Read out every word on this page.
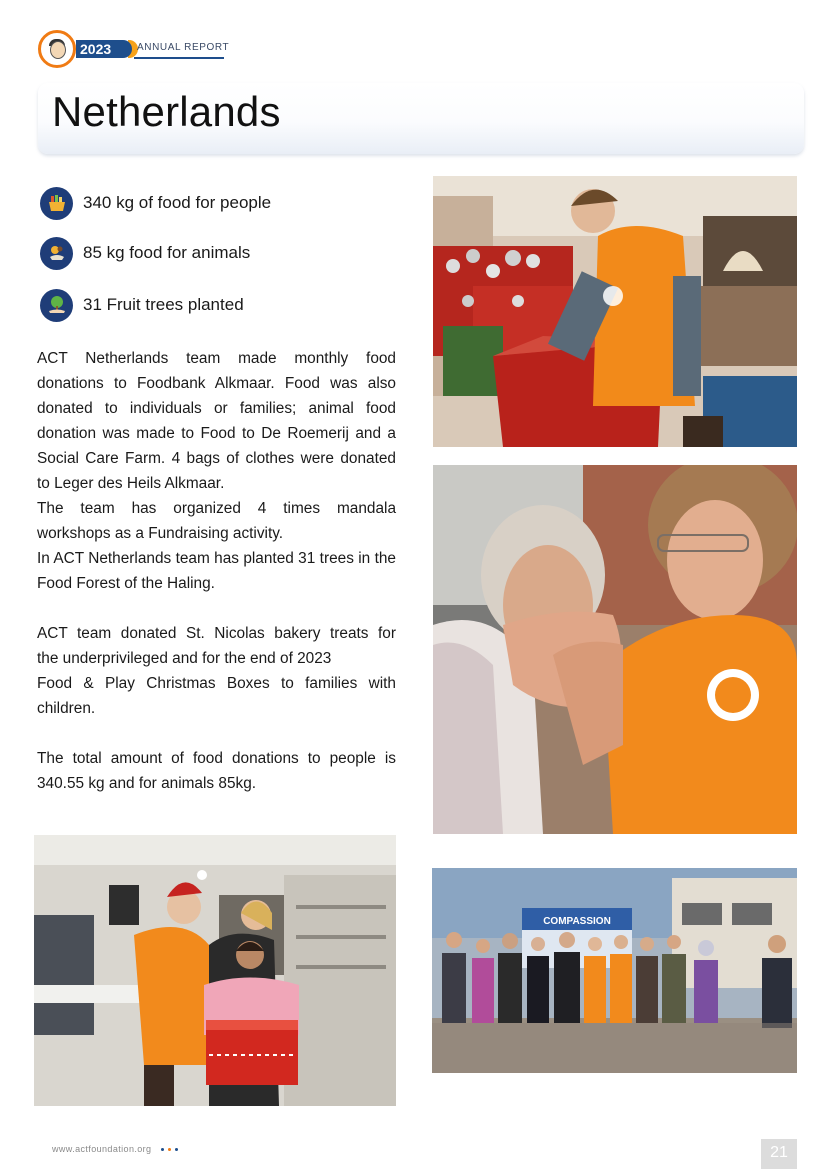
2023	ANNUAL REPORT
Netherlands
340 kg of food for people
85 kg food for animals
31 Fruit trees planted

ACT Netherlands team made monthly food donations to Foodbank Alkmaar. Food was also donated to individuals or families; animal food donation was made to Food to De Roemerij and a Social Care Farm. 4 bags of clothes were donated to Leger des Heils Alkmaar.

The team has organized 4 times mandala workshops as a Fundraising activity.

In ACT Netherlands team has planted 31 trees in the Food Forest of the Haling.

ACT team donated St. Nicolas bakery treats for

the underprivileged and for the end of 2023

Food & Play Christmas Boxes to families with children.

The total amount of food donations to people is 340.55 kg and for animals 85kg.

COMPASSION
www.actfoundation.org	21
